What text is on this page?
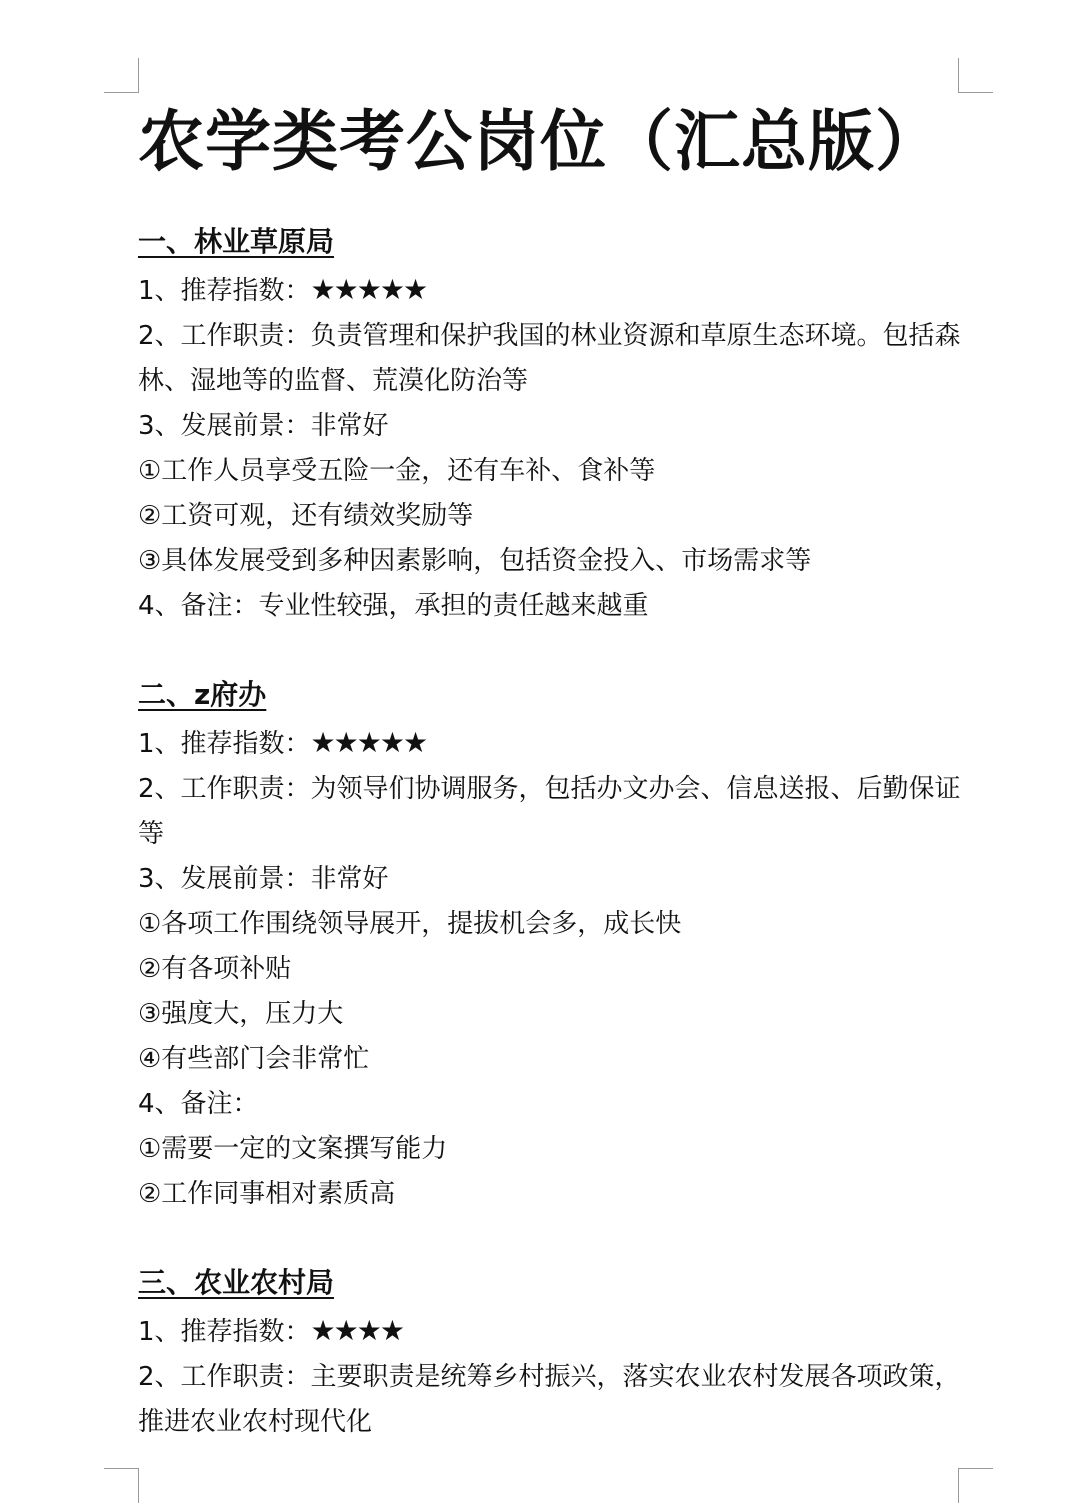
农学类考公岗位（汇总版）
一、林业草原局

1、推荐指数：★★★★★

2、工作职责：负责管理和保护我国的林业资源和草原生态环境。包括森林、湿地等的监督、荒漠化防治等

3、发展前景：非常好

①工作人员享受五险一金，还有车补、食补等

②工资可观，还有绩效奖励等

③具体发展受到多种因素影响，包括资金投入、市场需求等

4、备注：专业性较强，承担的责任越来越重

二、z府办

1、推荐指数：★★★★★

2、工作职责：为领导们协调服务，包括办文办会、信息送报、后勤保证等

3、发展前景：非常好

①各项工作围绕领导展开，提拔机会多，成长快

②有各项补贴

③强度大，压力大

④有些部门会非常忙

4、备注：

①需要一定的文案撰写能力

②工作同事相对素质高

三、农业农村局

1、推荐指数：★★★★

2、工作职责：主要职责是统筹乡村振兴，落实农业农村发展各项政策，推进农业农村现代化
